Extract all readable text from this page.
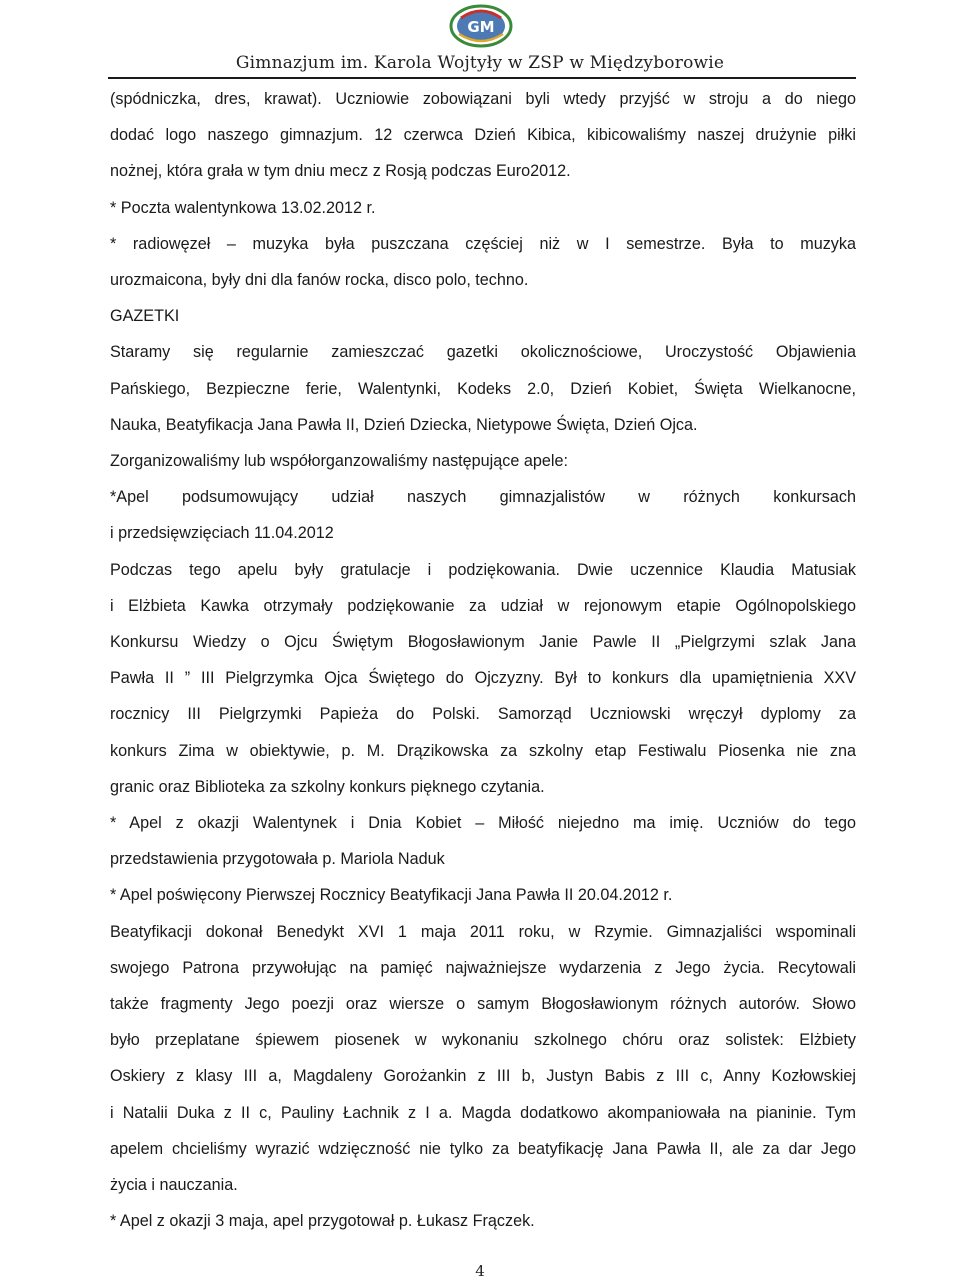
GM
Gimnazjum im. Karola Wojtyły w ZSP w Międzyborowie

(spódniczka, dres, krawat). Uczniowie zobowiązani byli wtedy przyjść w stroju a do niego

dodać logo naszego gimnazjum. 12 czerwca Dzień Kibica, kibicowaliśmy naszej drużynie piłki

nożnej, która grała w tym dniu mecz z Rosją podczas Euro2012.

* Poczta walentynkowa 13.02.2012 r.

* radiowęzeł – muzyka była puszczana częściej niż w I semestrze. Była to muzyka

urozmaicona, były dni dla fanów rocka, disco polo, techno.

GAZETKI

Staramy się regularnie zamieszczać gazetki okolicznościowe, Uroczystość Objawienia

Pańskiego, Bezpieczne ferie, Walentynki, Kodeks 2.0, Dzień Kobiet, Święta Wielkanocne,

Nauka, Beatyfikacja Jana Pawła II, Dzień Dziecka, Nietypowe Święta, Dzień Ojca.

Zorganizowaliśmy lub współorganzowaliśmy następujące apele:

*Apel podsumowujący udział naszych gimnazjalistów w różnych konkursach

i przedsięwzięciach 11.04.2012

Podczas tego apelu były gratulacje i podziękowania. Dwie uczennice Klaudia Matusiak

i Elżbieta Kawka otrzymały podziękowanie za udział w rejonowym etapie Ogólnopolskiego

Konkursu Wiedzy o Ojcu Świętym Błogosławionym Janie Pawle II „Pielgrzymi szlak Jana

Pawła II ” III Pielgrzymka Ojca Świętego do Ojczyzny. Był to konkurs dla upamiętnienia XXV

rocznicy III Pielgrzymki Papieża do Polski. Samorząd Uczniowski wręczył dyplomy za

konkurs Zima w obiektywie, p. M. Drązikowska za szkolny etap Festiwalu Piosenka nie zna

granic oraz Biblioteka za szkolny konkurs pięknego czytania.

* Apel z okazji Walentynek i Dnia Kobiet – Miłość niejedno ma imię. Uczniów do tego

przedstawienia przygotowała p. Mariola Naduk

* Apel poświęcony Pierwszej Rocznicy Beatyfikacji Jana Pawła II 20.04.2012 r.

Beatyfikacji dokonał Benedykt XVI 1 maja 2011 roku, w Rzymie. Gimnazjaliści wspominali

swojego Patrona przywołując na pamięć najważniejsze wydarzenia z Jego życia. Recytowali

także fragmenty Jego poezji oraz wiersze o samym Błogosławionym różnych autorów. Słowo

było przeplatane śpiewem piosenek w wykonaniu szkolnego chóru oraz solistek: Elżbiety

Oskiery z klasy III a, Magdaleny Gorożankin z III b, Justyn Babis z III c, Anny Kozłowskiej

i Natalii Duka z II c, Pauliny Łachnik z I a. Magda dodatkowo akompaniowała na pianinie. Tym

apelem chcieliśmy wyrazić wdzięczność nie tylko za beatyfikację Jana Pawła II, ale za dar Jego

życia i nauczania.

* Apel z okazji 3 maja, apel przygotował p. Łukasz Frączek.

4
